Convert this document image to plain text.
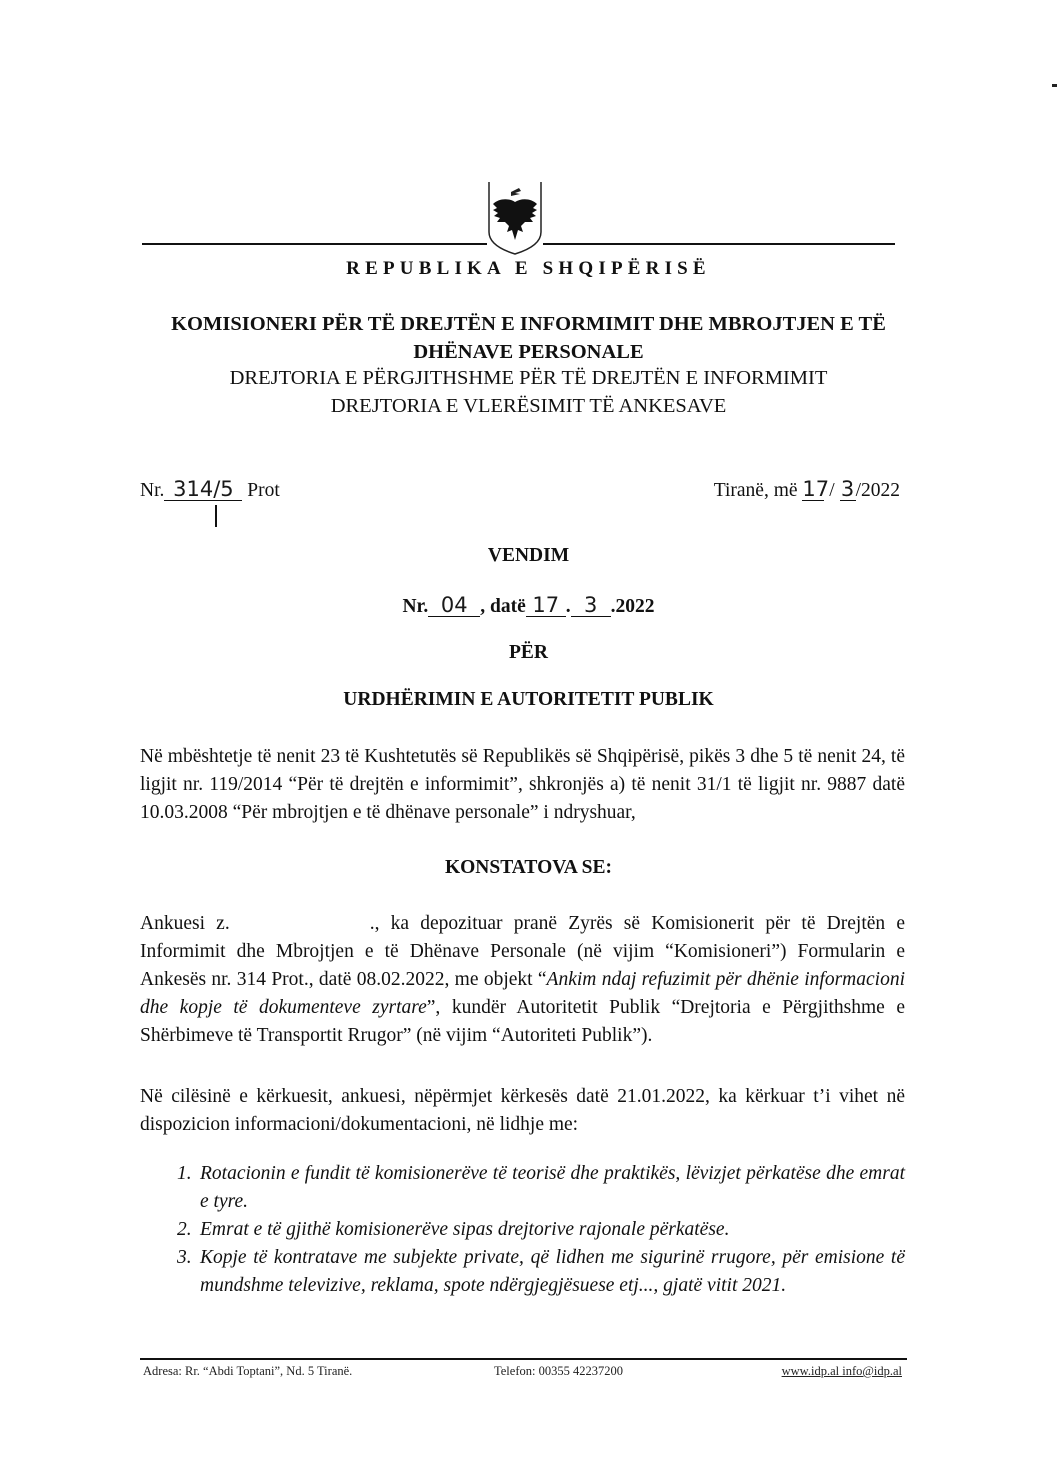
REPUBLIKA E SHQIPËRISË
KOMISIONERI PËR TË DREJTËN E INFORMIMIT DHE MBROJTJEN E TË
DHËNAVE PERSONALE
DREJTORIA E PËRGJITHSHME PËR TË DREJTËN E INFORMIMIT
DREJTORIA E VLERËSIMIT TË ANKESAVE
Nr. 314/5 Prot	Tiranë, më 17 / 3/2022
VENDIM
Nr. 04 , datë 17 . 3 .2022
PËR
URDHËRIMIN E AUTORITETIT PUBLIK
Në mbështetje të nenit 23 të Kushtetutës së Republikës së Shqipërisë, pikës 3 dhe 5 të nenit 24, të ligjit nr. 119/2014 “Për të drejtën e informimit”, shkronjës a) të nenit 31/1 të ligjit nr. 9887 datë 10.03.2008 “Për mbrojtjen e të dhënave personale” i ndryshuar,
KONSTATOVA SE:
Ankuesi z.	., ka depozituar pranë Zyrës së Komisionerit për të Drejtën e Informimit dhe Mbrojtjen e të Dhënave Personale (në vijim “Komisioneri”) Formularin e Ankesës nr. 314 Prot., datë 08.02.2022, me objekt “Ankim ndaj refuzimit për dhënie informacioni dhe kopje të dokumenteve zyrtare”, kundër Autoritetit Publik “Drejtoria e Përgjithshme e Shërbimeve të Transportit Rrugor” (në vijim “Autoriteti Publik”).
Në cilësinë e kërkuesit, ankuesi, nëpërmjet kërkesës datë 21.01.2022, ka kërkuar t’i vihet në dispozicion informacioni/dokumentacioni, në lidhje me:
1. Rotacionin e fundit të komisionerëve të teorisë dhe praktikës, lëvizjet përkatëse dhe emrat e tyre.
2. Emrat e të gjithë komisionerëve sipas drejtorive rajonale përkatëse.
3. Kopje të kontratave me subjekte private, që lidhen me sigurinë rrugore, për emisione të mundshme televizive, reklama, spote ndërgjegjësuese etj..., gjatë vitit 2021.
Adresa: Rr. “Abdi Toptani”, Nd. 5 Tiranë.	Telefon: 00355 42237200	www.idp.al info@idp.al
